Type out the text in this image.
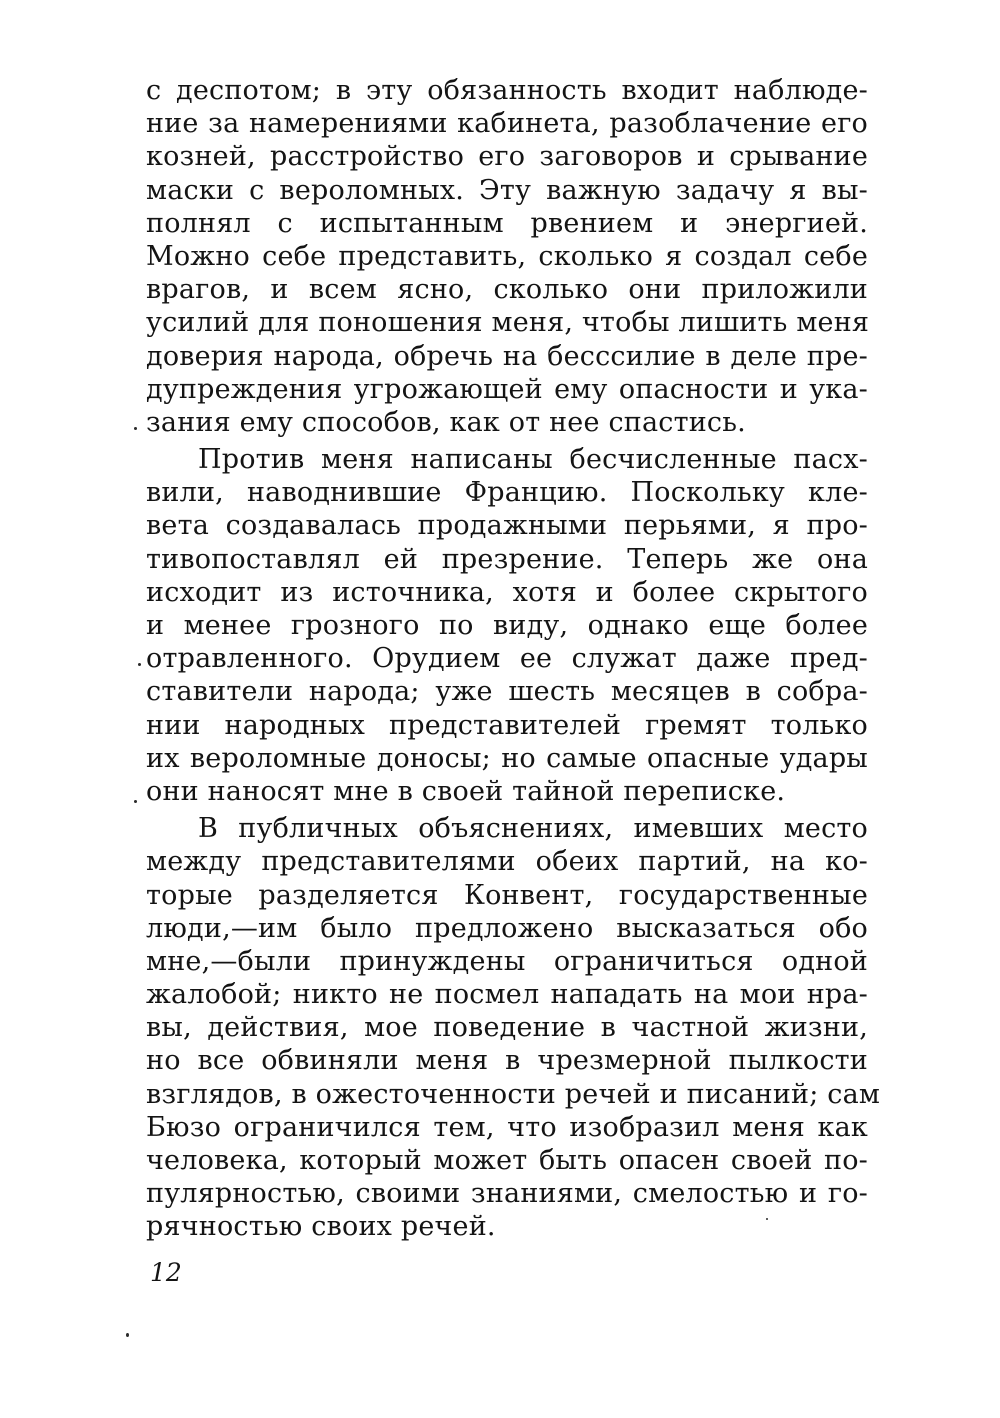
с деспотом; в эту обязанность входит наблюде-
ние за намерениями кабинета, разоблачение его
козней, расстройство его заговоров и срывание
маски с вероломных. Эту важную задачу я вы-
полнял с испытанным рвением и энергией.
Можно себе представить, сколько я создал себе
врагов, и всем ясно, сколько они приложили
усилий для поношения меня, чтобы лишить меня
доверия народа, обречь на бесссилие в деле пре-
дупреждения угрожающей ему опасности и ука-
зания ему способов, как от нее спастись.
Против меня написаны бесчисленные пасх-
вили, наводнившие Францию. Поскольку кле-
вета создавалась продажными перьями, я про-
тивопоставлял ей презрение. Теперь же она
исходит из источника, хотя и более скрытого
и менее грозного по виду, однако еще более
отравленного. Орудием ее служат даже пред-
ставители народа; уже шесть месяцев в собра-
нии народных представителей гремят только
их вероломные доносы; но самые опасные удары
они наносят мне в своей тайной переписке.
В публичных объяснениях, имевших место
между представителями обеих партий, на ко-
торые разделяется Конвент, государственные
люди,—им было предложено высказаться обо
мне,—были принуждены ограничиться одной
жалобой; никто не посмел нападать на мои нра-
вы, действия, мое поведение в частной жизни,
но все обвиняли меня в чрезмерной пылкости
взглядов, в ожесточенности речей и писаний; сам
Бюзо ограничился тем, что изобразил меня как
человека, который может быть опасен своей по-
пулярностью, своими знаниями, смелостью и го-
рячностью своих речей.
12
